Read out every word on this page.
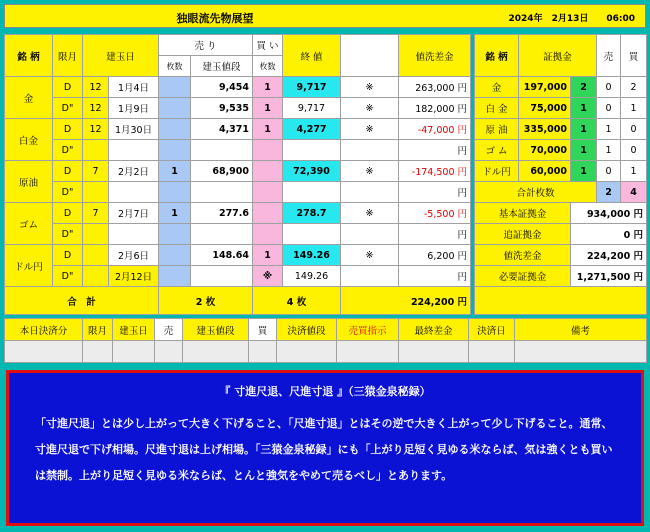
独眼流先物展望	2024年　2月13日　　06:00
銘 柄	限月	建玉日		売 り		買 い	終 値	売買指示	値洗差金
				枚数	建玉値段	枚数			
金	D	12	1月4日		9,454	1	9,717	※	263,000 円
	D"	12	1月9日		9,535	1	9,717	※	182,000 円
白金	D	12	1月30日		4,371	1	4,277	※	-47,000 円
	D"								円
原油	D	7	2月2日	1	68,900		72,390	※	-174,500 円
	D"								円
ゴム	D	7	2月7日	1	277.6		278.7	※	-5,500 円
	D"								円
ドル円	D		2月6日		148.64	1	149.26	※	6,200 円
	D"		2月12日			※	149.26		円
合　計				2 枚		4 枚		224,200 円	
銘 柄	証拠金		売	買
金	197,000	2	0	2
白 金	75,000	1	0	1
原 油	335,000	1	1	0
ゴ ム	70,000	1	1	0
ドル円	60,000	1	0	1
合計枚数			2	4
基本証拠金		934,000 円		
追証拠金		0 円		
値洗差金		224,200 円		
必要証拠金		1,271,500 円		

本日決済分	限月	建玉日	売	建玉値段	買	決済値段	売買指示	最終差金	決済日	備考

『 寸進尺退、尺進寸退 』（三猿金泉秘録）
「寸進尺退」とは少し上がって大きく下げること、「尺進寸退」とはその逆で大きく上がって少し下げること。通常、寸進尺退で下げ相場。尺進寸退は上げ相場。「三猿金泉秘録」にも「上がり足短く見ゆる米ならば、気は強くとも買いは禁制。上がり足短く見ゆる米ならば、とんと強気をやめて売るべし」とあります。
